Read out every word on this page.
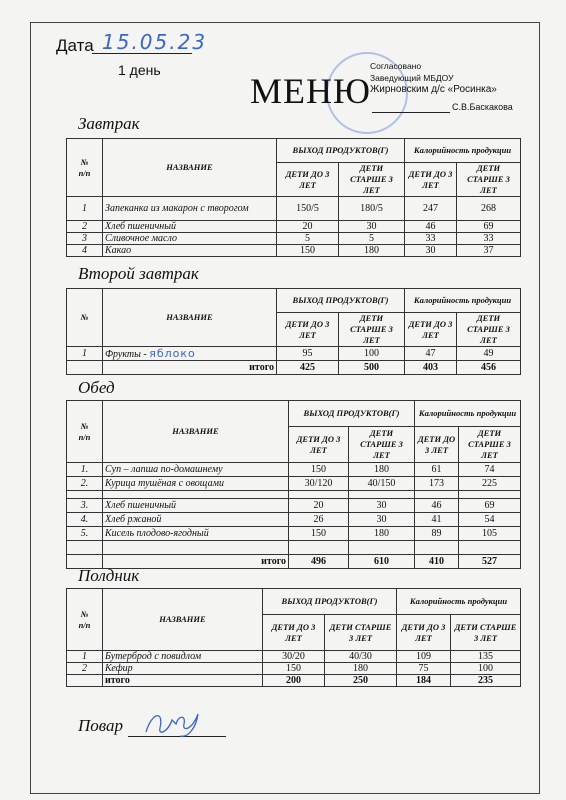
Дата 15.05.23
1 день
МЕНЮ
Согласовано
Заведующий МБДОУ
Жирновским д/с «Росинка»
С.В.Баскакова
Завтрак
№
п/п	НАЗВАНИЕ	ВЫХОД ПРОДУКТОВ(Г)		Калорийность продукции	
		ДЕТИ ДО 3 ЛЕТ	ДЕТИ СТАРШЕ 3 ЛЕТ	ДЕТИ ДО 3 ЛЕТ	ДЕТИ СТАРШЕ 3 ЛЕТ
1	Запеканка из макарон с творогом	150/5	180/5	247	268
2	Хлеб пшеничный	20	30	46	69
3	Сливочное масло	5	5	33	33
4	Какао	150	180	30	37
Второй завтрак
№	НАЗВАНИЕ	ВЫХОД ПРОДУКТОВ(Г)		Калорийность продукции	
		ДЕТИ ДО 3 ЛЕТ	ДЕТИ СТАРШЕ 3 ЛЕТ	ДЕТИ ДО 3 ЛЕТ	ДЕТИ СТАРШЕ 3 ЛЕТ
1	Фрукты - яблоко	95	100	47	49
	итого	425	500	403	456
Обед
№
п/п	НАЗВАНИЕ	ВЫХОД ПРОДУКТОВ(Г)		Калорийность продукции	
		ДЕТИ ДО 3 ЛЕТ	ДЕТИ СТАРШЕ 3 ЛЕТ	ДЕТИ ДО 3 ЛЕТ	ДЕТИ СТАРШЕ 3 ЛЕТ
1.	Суп – лапша по-домашнему	150	180	61	74
2.	Курица тушёная с овощами	30/120	40/150	173	225

3.	Хлеб пшеничный	20	30	46	69
4.	Хлеб ржаной	26	30	41	54
5.	Кисель плодово-ягодный	150	180	89	105

	итого	496	610	410	527
Полдник
№
п/п	НАЗВАНИЕ	ВЫХОД ПРОДУКТОВ(Г)		Калорийность продукции	
		ДЕТИ ДО 3 ЛЕТ	ДЕТИ СТАРШЕ 3 ЛЕТ	ДЕТИ ДО 3 ЛЕТ	ДЕТИ СТАРШЕ 3 ЛЕТ
1	Бутерброд с повидлом	30/20	40/30	109	135
2	Кефир	150	180	75	100
	итого	200	250	184	235
Повар
